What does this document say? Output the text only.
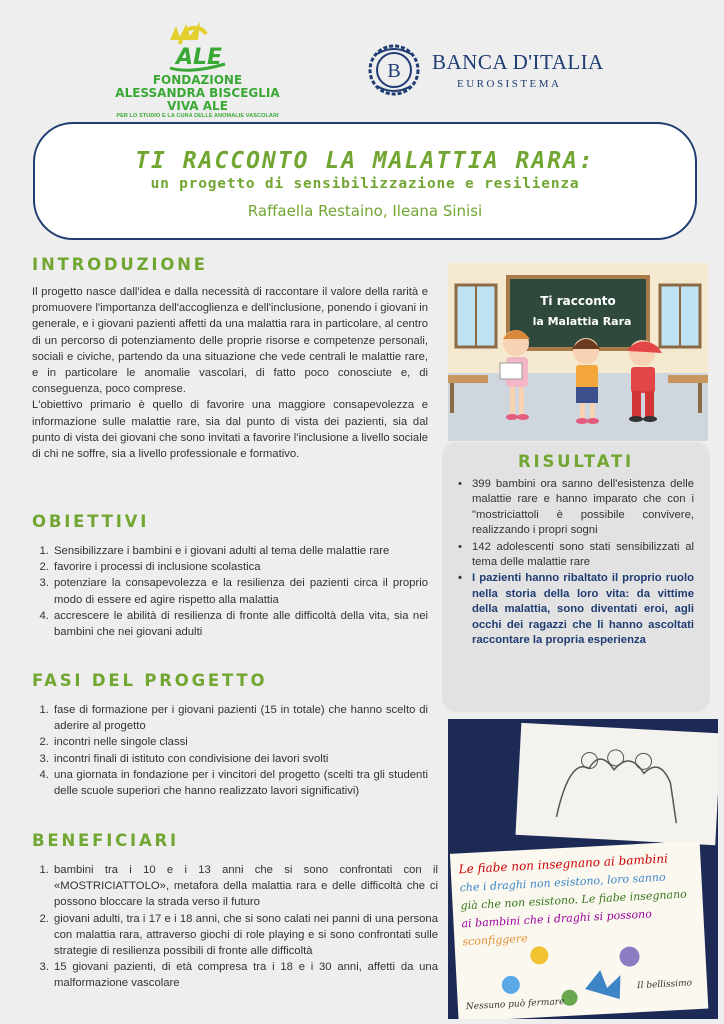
ALE
FONDAZIONE
ALESSANDRA BISCEGLIA VIVA ALE
PER LO STUDIO E LA CURA DELLE ANOMALIE VASCOLARI
B BANCA D'ITALIA
EUROSISTEMA
TI RACCONTO LA MALATTIA RARA:
un progetto di sensibilizzazione e resilienza
Raffaella Restaino, Ileana Sinisi
INTRODUZIONE
Il progetto nasce dall'idea e dalla necessità di raccontare il valore della rarità e promuovere l'importanza dell'accoglienza e dell'inclusione, ponendo i giovani in generale, e i giovani pazienti affetti da una malattia rara in particolare, al centro di un percorso di potenziamento delle proprie risorse e competenze personali, sociali e civiche, partendo da una situazione che vede centrali le malattie rare, e in particolare le anomalie vascolari, di fatto poco conosciute e, di conseguenza, poco comprese.
L'obiettivo primario è quello di favorire una maggiore consapevolezza e informazione sulle malattie rare, sia dal punto di vista dei pazienti, sia dal punto di vista dei giovani che sono invitati a favorire l'inclusione a livello sociale di chi ne soffre, sia a livello professionale e formativo.
OBIETTIVI
1. Sensibilizzare i bambini e i giovani adulti al tema delle malattie rare
2. favorire i processi di inclusione scolastica
3. potenziare la consapevolezza e la resilienza dei pazienti circa il proprio modo di essere ed agire rispetto alla malattia
4. accrescere le abilità di resilienza di fronte alle difficoltà della vita, sia nei bambini che nei giovani adulti
FASI DEL PROGETTO
1. fase di formazione per i giovani pazienti (15 in totale) che hanno scelto di aderire al progetto
2. incontri nelle singole classi
3. incontri finali di istituto con condivisione dei lavori svolti
4. una giornata in fondazione per i vincitori del progetto (scelti tra gli studenti delle scuole superiori che hanno realizzato lavori significativi)
BENEFICIARI
1. bambini tra i 10 e i 13 anni che si sono confrontati con il «MOSTRICIATTOLO», metafora della malattia rara e delle difficoltà che ci possono bloccare la strada verso il futuro
2. giovani adulti, tra i 17 e i 18 anni, che si sono calati nei panni di una persona con malattia rara, attraverso giochi di role playing e si sono confrontati sulle strategie di resilienza possibili di fronte alle difficoltà
3. 15 giovani pazienti, di età compresa tra i 18 e i 30 anni, affetti da una malformazione vascolare
Ti racconto
la Malattia Rara
RISULTATI
• 399 bambini ora sanno dell'esistenza delle malattie rare e hanno imparato che con i "mostriciattoli è possibile convivere, realizzando i propri sogni
• 142 adolescenti sono stati sensibilizzati al tema delle malattie rare
• I pazienti hanno ribaltato il proprio ruolo nella storia della loro vita: da vittime della malattia, sono diventati eroi, agli occhi dei ragazzi che li hanno ascoltati raccontare la propria esperienza
Le fiabe non insegnano ai bambini
che i draghi non esistono, loro sanno
già che non esistono. Le fiabe insegnano
ai bambini che i draghi si possono
sconfiggere
Nessuno può fermare
Il bellissimo
